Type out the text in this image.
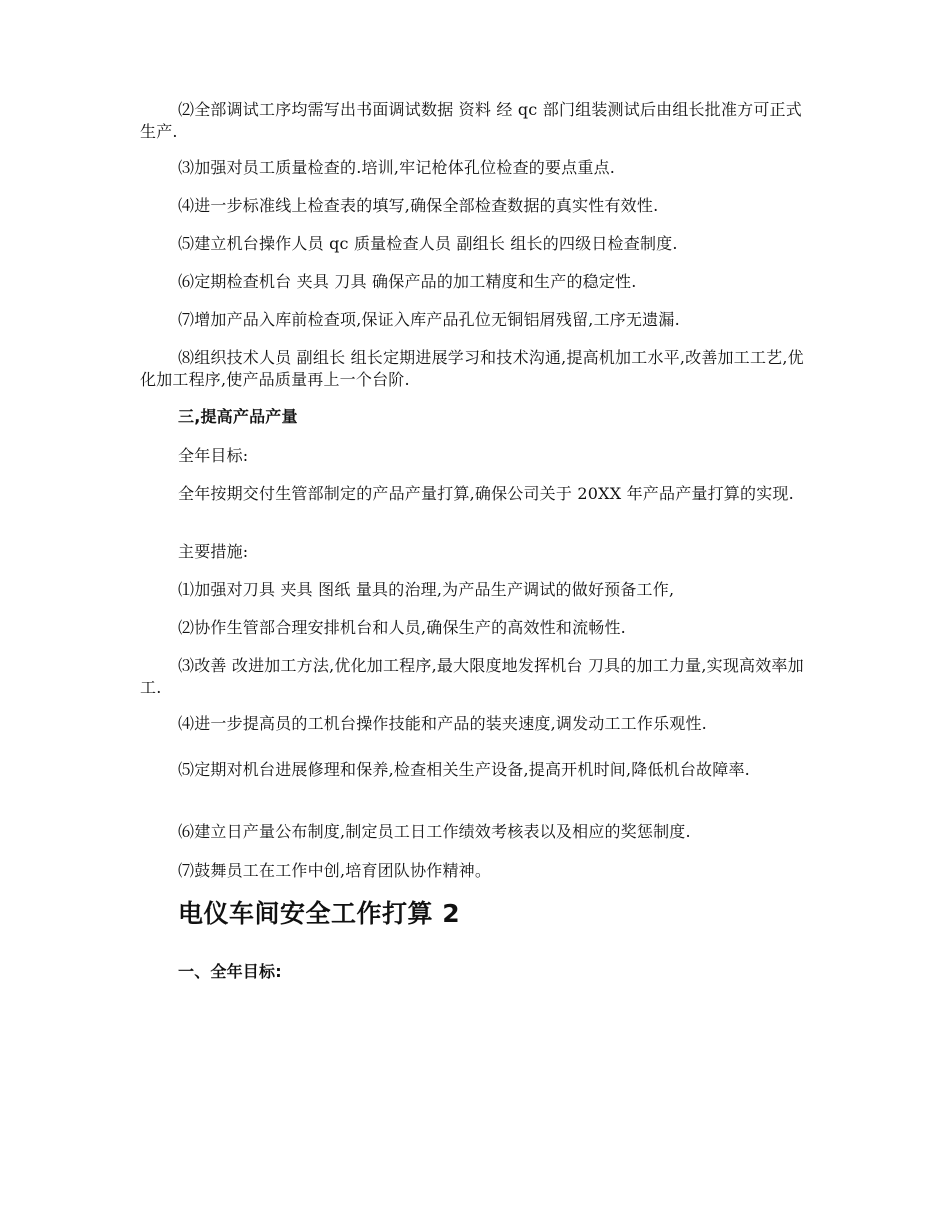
⑵全部调试工序均需写出书面调试数据 资料 经 qc 部门组装测试后由组长批准方可正式生产.
⑶加强对员工质量检查的.培训,牢记枪体孔位检查的要点重点.
⑷进一步标准线上检查表的填写,确保全部检查数据的真实性有效性.
⑸建立机台操作人员 qc 质量检查人员 副组长 组长的四级日检查制度.
⑹定期检查机台 夹具 刀具 确保产品的加工精度和生产的稳定性.
⑺增加产品入库前检查项,保证入库产品孔位无铜铝屑残留,工序无遗漏.
⑻组织技术人员 副组长 组长定期进展学习和技术沟通,提高机加工水平,改善加工工艺,优化加工程序,使产品质量再上一个台阶.
三,提高产品产量
全年目标:
全年按期交付生管部制定的产品产量打算,确保公司关于 20XX 年产品产量打算的实现.
主要措施:
⑴加强对刀具 夹具 图纸 量具的治理,为产品生产调试的做好预备工作,
⑵协作生管部合理安排机台和人员,确保生产的高效性和流畅性.
⑶改善 改进加工方法,优化加工程序,最大限度地发挥机台 刀具的加工力量,实现高效率加工.
⑷进一步提高员的工机台操作技能和产品的装夹速度,调发动工工作乐观性.
⑸定期对机台进展修理和保养,检查相关生产设备,提高开机时间,降低机台故障率.
⑹建立日产量公布制度,制定员工日工作绩效考核表以及相应的奖惩制度.
⑺鼓舞员工在工作中创,培育团队协作精神。
电仪车间安全工作打算 2
一、全年目标:
